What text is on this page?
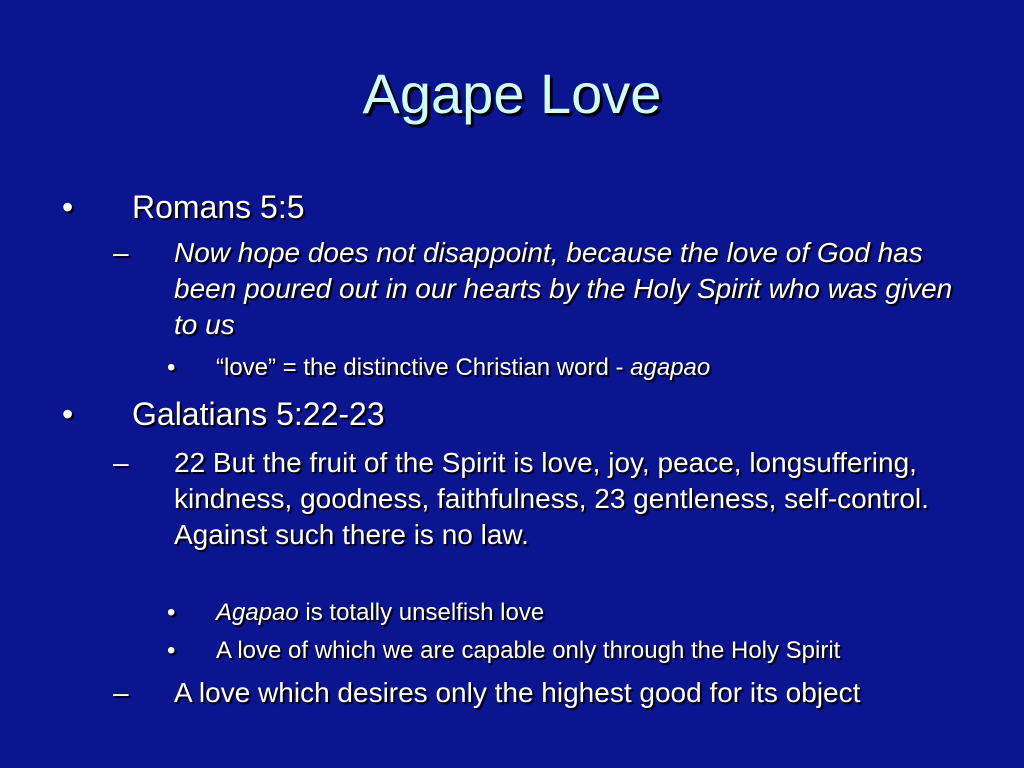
Agape Love
• Romans 5:5
– Now hope does not disappoint, because the love of God has been poured out in our hearts by the Holy Spirit who was given to us
• “love” = the distinctive Christian word - agapao
• Galatians 5:22-23
– 22 But the fruit of the Spirit is love, joy, peace, longsuffering, kindness, goodness, faithfulness, 23 gentleness, self-control. Against such there is no law.
• Agapao is totally unselfish love
• A love of which we are capable only through the Holy Spirit
– A love which desires only the highest good for its object
